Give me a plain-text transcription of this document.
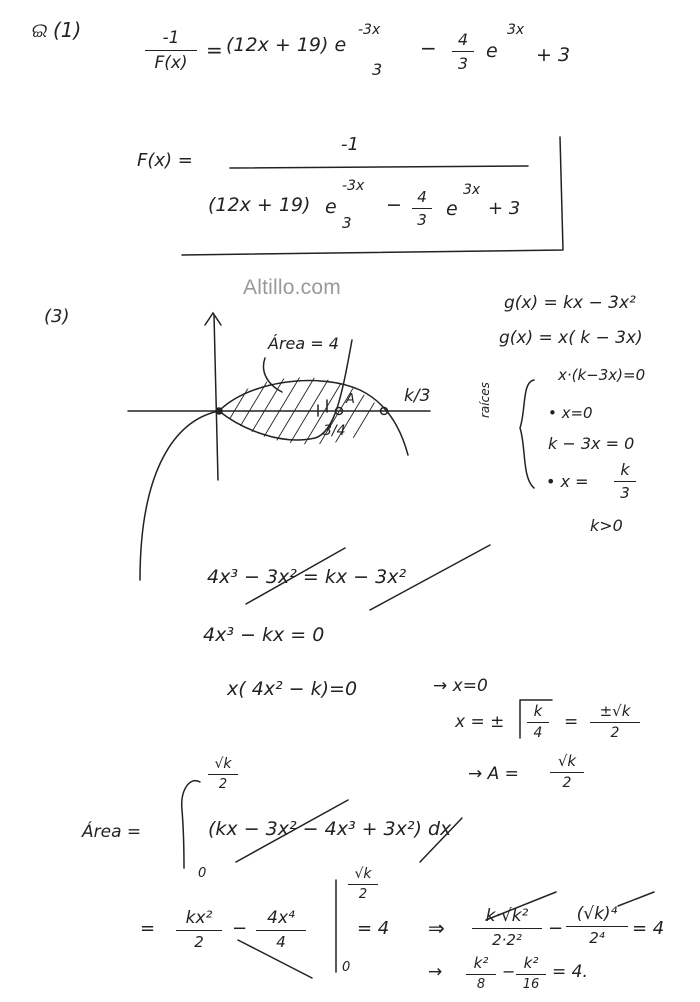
ଇ (1)	-1
F(x)
= (12x + 19) e
-3x
3
− 4
3
e
3x
+ 3
F(x) =
-1
(12x + 19) e
-3x
3
− 4
3 e
3x
+ 3
Altillo.com
(3)
Área = 4
A
3/4
k/3
g(x) = kx − 3x²
g(x) = x( k − 3x)
raíces
x·(k−3x)=0
• x=0
k − 3x = 0
• x =
k
3
k>0
4x³ − 3x² = kx − 3x²
4x³ − kx = 0
x( 4x² − k)=0	→ x=0
x = ±
k
4
=
±√k
2
→ A =
√k
2
Área =
√k
2
0
(kx − 3x² − 4x³ + 3x²) dx
= kx²
2
− 4x⁴
4
√k
2
0
= 4 ⇒ k·√k²
2·2²
−
(√k)⁴
2⁴ = 4
→ k²
8
− k²
16
= 4.
